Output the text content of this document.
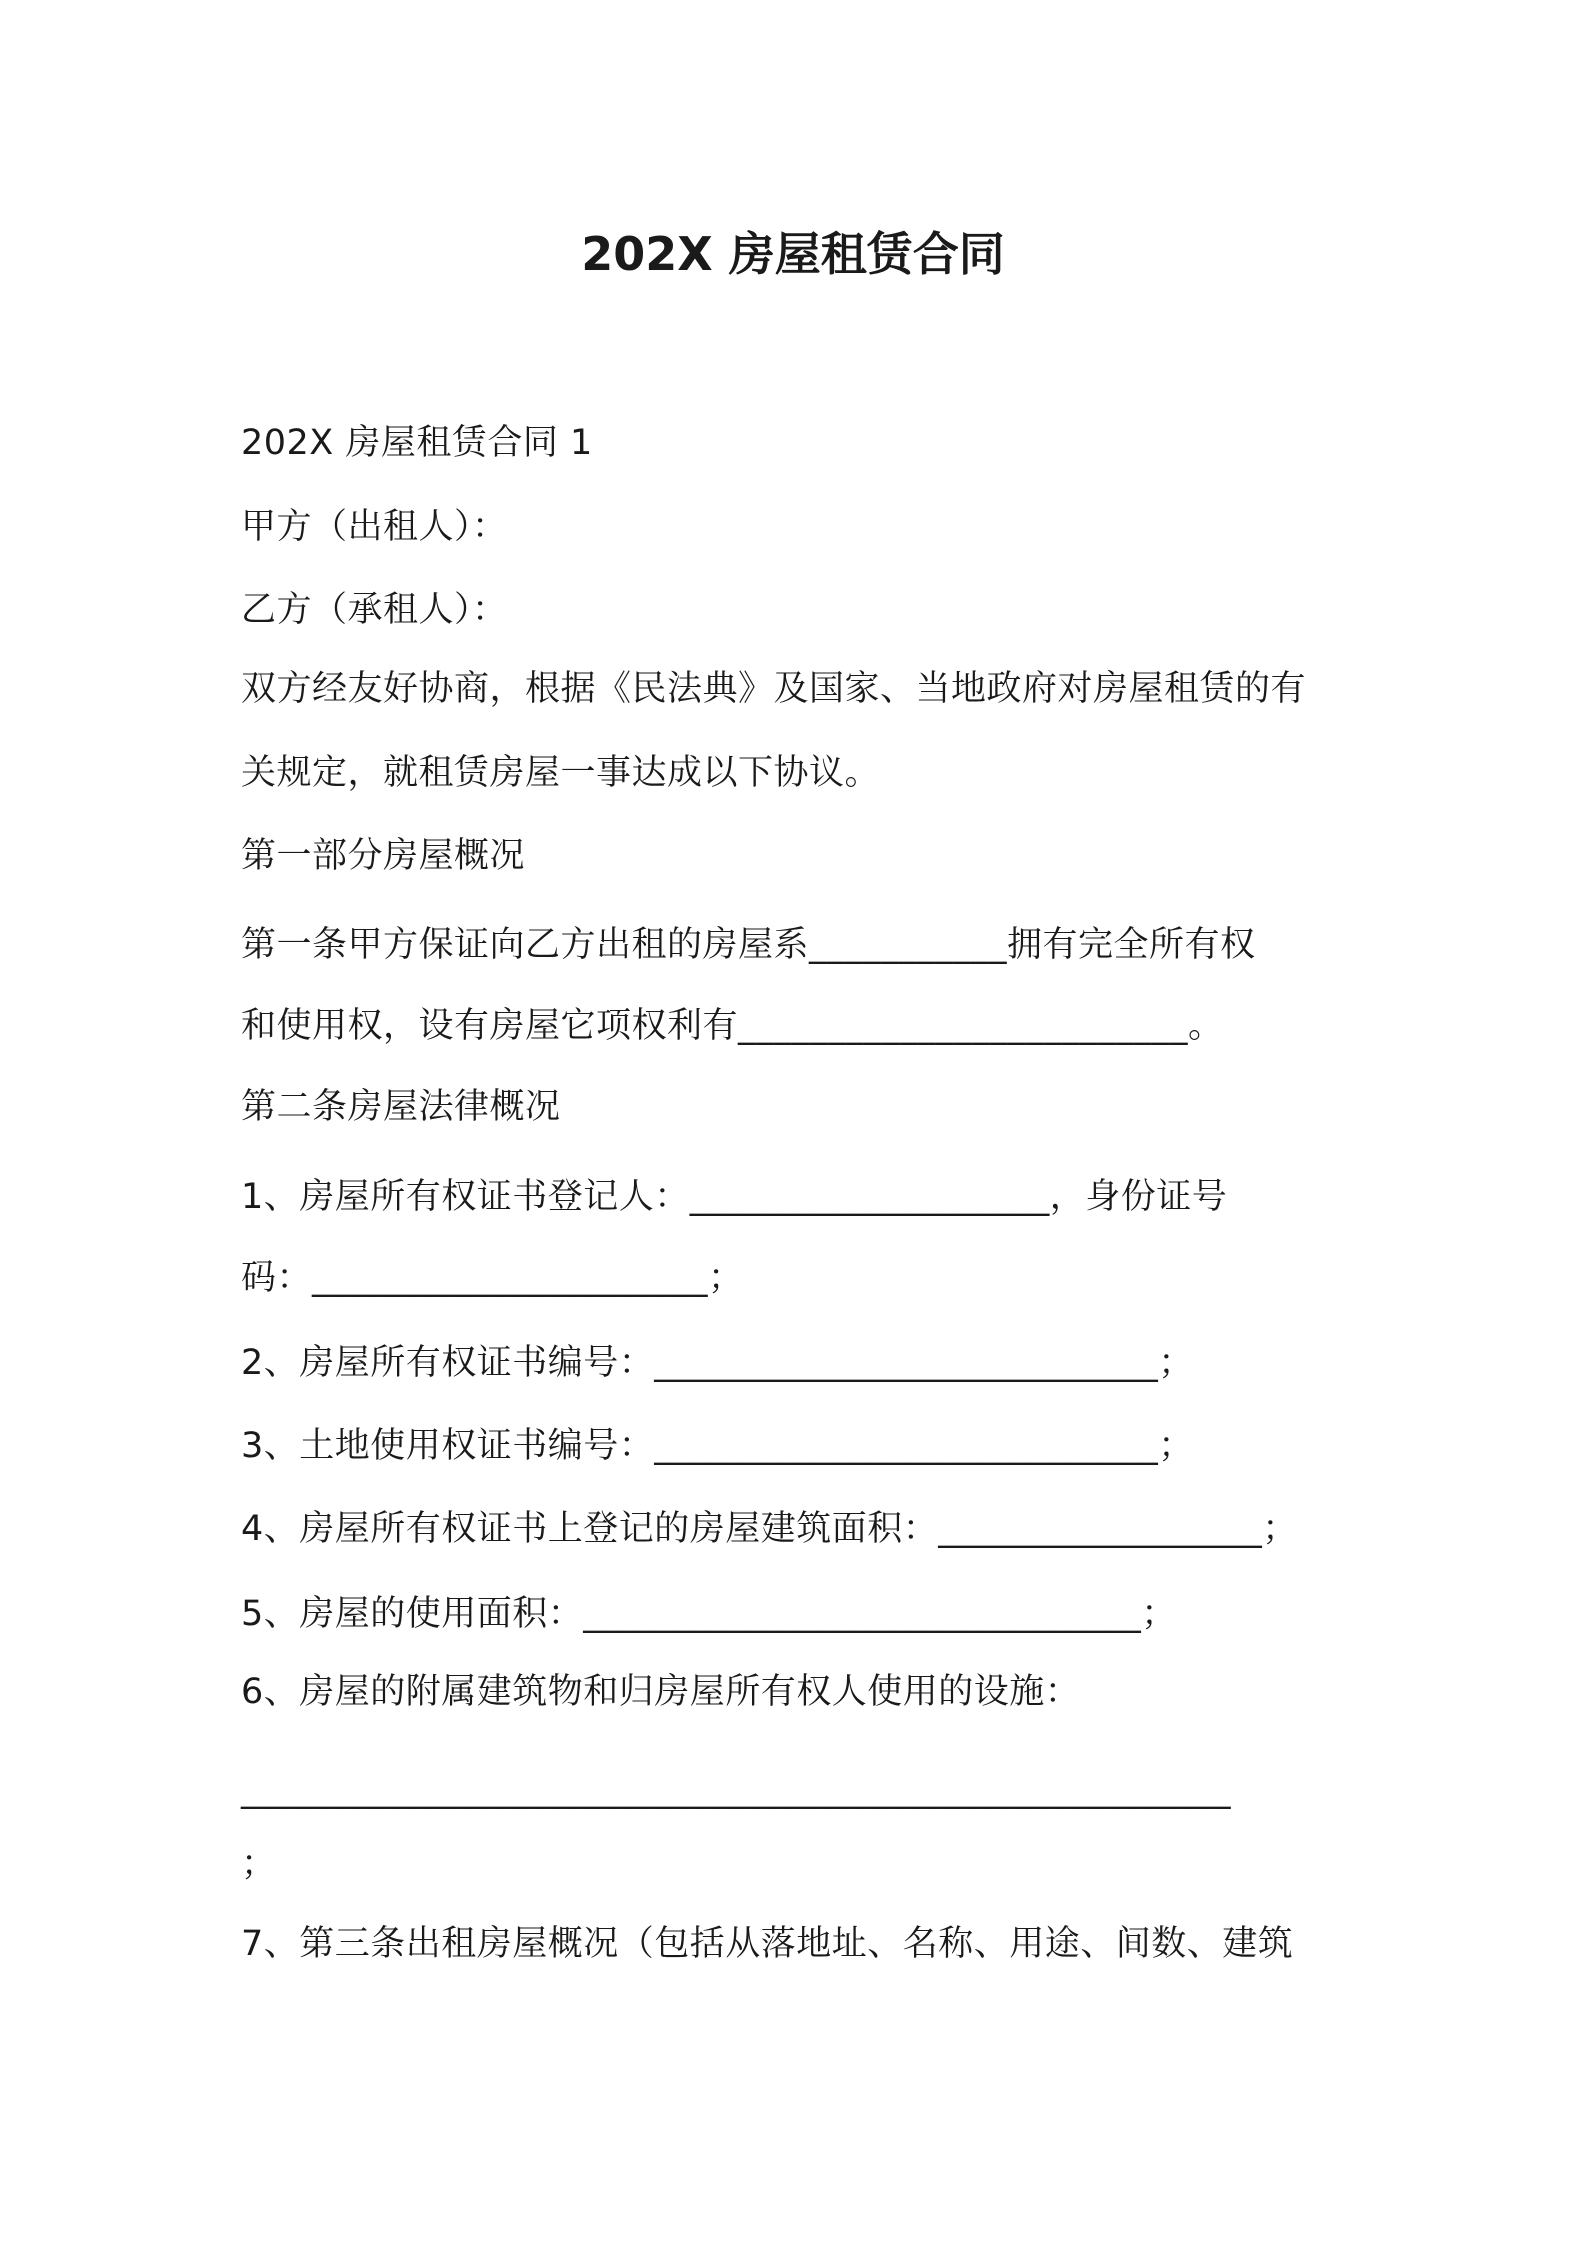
202X 房屋租赁合同
202X 房屋租赁合同 1
甲方（出租人）：
乙方（承租人）：
双方经友好协商，根据《民法典》及国家、当地政府对房屋租赁的有
关规定，就租赁房屋一事达成以下协议。
第一部分房屋概况
第一条甲方保证向乙方出租的房屋系___________拥有完全所有权
和使用权，设有房屋它项权利有_________________________。
第二条房屋法律概况
1、房屋所有权证书登记人：____________________，身份证号
码：______________________；
2、房屋所有权证书编号：____________________________；
3、土地使用权证书编号：____________________________；
4、房屋所有权证书上登记的房屋建筑面积：__________________；
5、房屋的使用面积：_______________________________；
6、房屋的附属建筑物和归房屋所有权人使用的设施：
_______________________________________________________
；
7、第三条出租房屋概况（包括从落地址、名称、用途、间数、建筑
